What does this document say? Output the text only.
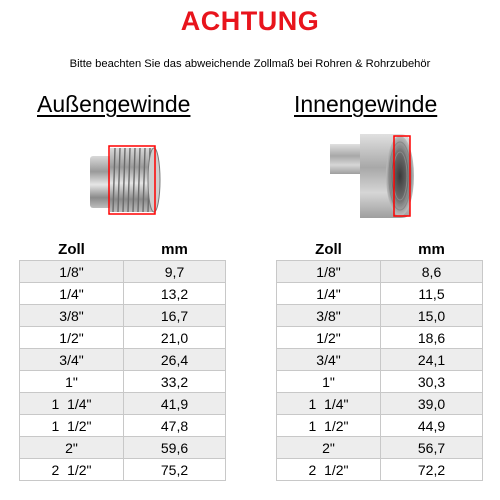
ACHTUNG
Bitte beachten Sie das abweichende Zollmaß bei Rohren & Rohrzubehör
Außengewinde	Innengewinde
Zoll	mm
1/8"	9,7
1/4"	13,2
3/8"	16,7
1/2"	21,0
3/4"	26,4
1"	33,2
1  1/4"	41,9
1  1/2"	47,8
2"	59,6
2  1/2"	75,2
Zoll	mm
1/8"	8,6
1/4"	11,5
3/8"	15,0
1/2"	18,6
3/4"	24,1
1"	30,3
1  1/4"	39,0
1  1/2"	44,9
2"	56,7
2  1/2"	72,2
